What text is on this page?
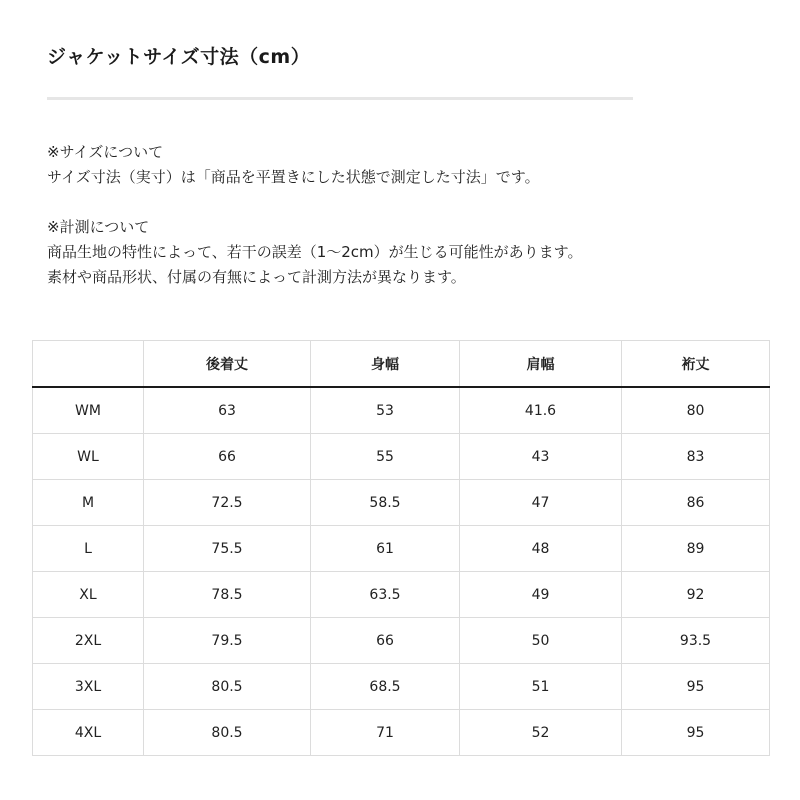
ジャケットサイズ寸法（cm）
※サイズについて
サイズ寸法（実寸）は「商品を平置きにした状態で測定した寸法」です。
※計測について
商品生地の特性によって、若干の誤差（1〜2cm）が生じる可能性があります。
素材や商品形状、付属の有無によって計測方法が異なります。
	後着丈	身幅	肩幅	裄丈
WM	63	53	41.6	80
WL	66	55	43	83
M	72.5	58.5	47	86
L	75.5	61	48	89
XL	78.5	63.5	49	92
2XL	79.5	66	50	93.5
3XL	80.5	68.5	51	95
4XL	80.5	71	52	95
